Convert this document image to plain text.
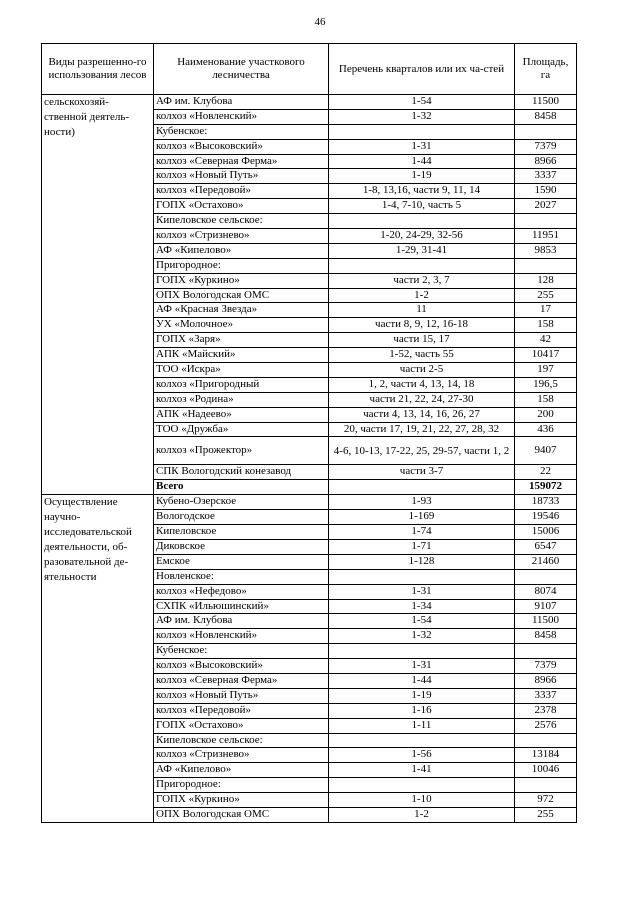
46
Виды разрешенно-го использования лесов	Наименование участкового лесничества	Перечень кварталов или их ча-стей	Площадь, га
сельскохозяй-ственной деятель-ности)	АФ им. Клубова	1-54	11500
	колхоз «Новленский»	1-32	8458
	Кубенское:		
	колхоз «Высоковский»	1-31	7379
	колхоз «Северная Ферма»	1-44	8966
	колхоз «Новый Путь»	1-19	3337
	колхоз «Передовой»	1-8, 13,16, части 9, 11, 14	1590
	ГОПХ «Остахово»	1-4, 7-10, часть 5	2027
	Кипеловское сельское:		
	колхоз «Стризнево»	1-20, 24-29, 32-56	11951
	АФ «Кипелово»	1-29, 31-41	9853
	Пригородное:		
	ГОПХ «Куркино»	части 2, 3, 7	128
	ОПХ Вологодская ОМС	1-2	255
	АФ «Красная Звезда»	11	17
	УХ «Молочное»	части 8, 9, 12, 16-18	158
	ГОПХ «Заря»	части 15, 17	42
	АПК «Майский»	1-52, часть 55	10417
	ТОО «Искра»	части 2-5	197
	колхоз «Пригородный	1, 2, части 4, 13, 14, 18	196,5
	колхоз «Родина»	части 21, 22, 24, 27-30	158
	АПК «Надеево»	части 4, 13, 14, 16, 26, 27	200
	ТОО «Дружба»	20, части 17, 19, 21, 22, 27, 28, 32	436
	колхоз «Прожектор»	4-6, 10-13, 17-22, 25, 29-57, части 1, 2	9407
	СПК Вологодский конезавод	части 3-7	22
	Всего		159072
Осуществление научно-исследовательской деятельности, об-разовательной де-ятельности	Кубено-Озерское	1-93	18733
	Вологодское	1-169	19546
	Кипеловское	1-74	15006
	Диковское	1-71	6547
	Емское	1-128	21460
	Новленское:		
	колхоз «Нефедово»	1-31	8074
	СХПК «Ильюшинский»	1-34	9107
	АФ им. Клубова	1-54	11500
	колхоз «Новленский»	1-32	8458
	Кубенское:		
	колхоз «Высоковский»	1-31	7379
	колхоз «Северная Ферма»	1-44	8966
	колхоз «Новый Путь»	1-19	3337
	колхоз «Передовой»	1-16	2378
	ГОПХ «Остахово»	1-11	2576
	Кипеловское сельское:		
	колхоз «Стризнево»	1-56	13184
	АФ «Кипелово»	1-41	10046
	Пригородное:		
	ГОПХ «Куркино»	1-10	972
	ОПХ Вологодская ОМС	1-2	255
